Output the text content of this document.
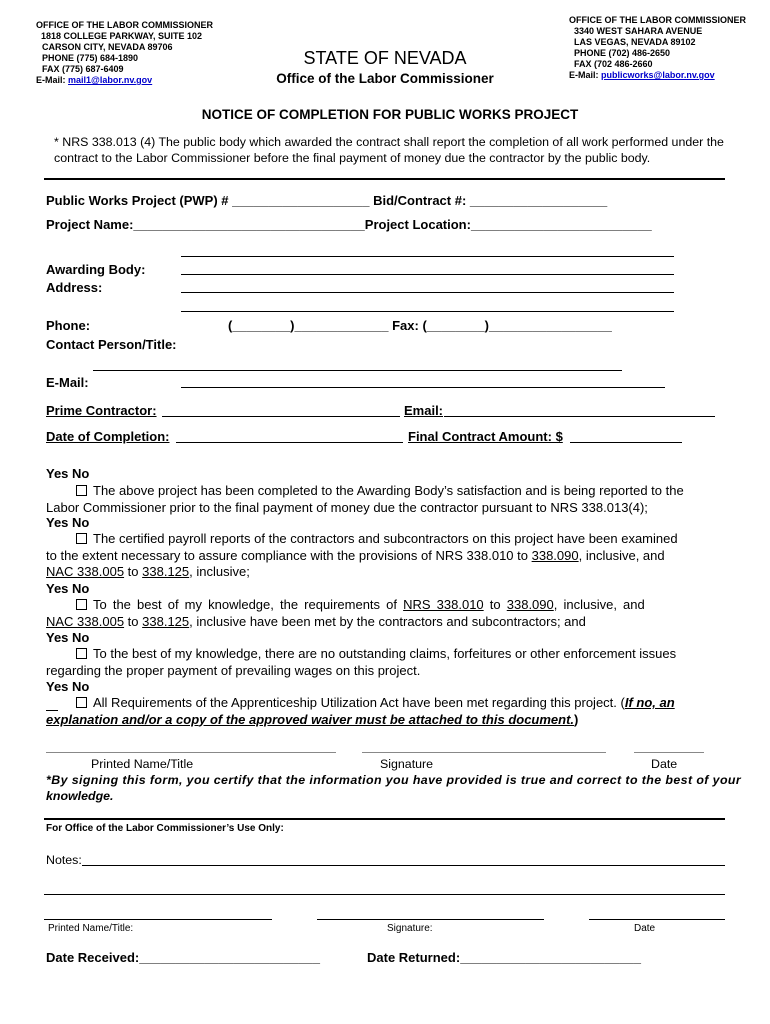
OFFICE OF THE LABOR COMMISSIONER
1818 COLLEGE PARKWAY, SUITE 102
CARSON CITY, NEVADA 89706
PHONE (775) 684-1890
FAX (775) 687-6409
E-Mail: mail1@labor.nv.gov
OFFICE OF THE LABOR COMMISSIONER
3340 WEST SAHARA AVENUE
LAS VEGAS, NEVADA 89102
PHONE (702) 486-2650
FAX (702 486-2660
E-Mail: publicworks@labor.nv.gov
STATE OF NEVADA
Office of the Labor Commissioner
NOTICE OF COMPLETION FOR PUBLIC WORKS PROJECT
* NRS 338.013 (4) The public body which awarded the contract shall report the completion of all work performed under the
contract to the Labor Commissioner before the final payment of money due the contractor by the public body.
Public Works Project (PWP) # ___________________ Bid/Contract #: ___________________
Project Name:________________________________Project Location:_________________________
Awarding Body:
Address:
Phone:	(________)_____________ Fax: (________)_________________
Contact Person/Title:
E-Mail:
Prime Contractor:	Email:
Date of Completion:	Final Contract Amount: $
Yes No
The above project has been completed to the Awarding Body’s satisfaction and is being reported to the
Labor Commissioner prior to the final payment of money due the contractor pursuant to NRS 338.013(4);
Yes No
The certified payroll reports of the contractors and subcontractors on this project have been examined
to the extent necessary to assure compliance with the provisions of NRS 338.010 to 338.090, inclusive, and
NAC 338.005 to 338.125, inclusive;
Yes No
To the best of my knowledge, the requirements of NRS 338.010 to 338.090, inclusive, and
NAC 338.005 to 338.125, inclusive have been met by the contractors and subcontractors; and
Yes No
To the best of my knowledge, there are no outstanding claims, forfeitures or other enforcement issues
regarding the proper payment of prevailing wages on this project.
Yes No
All Requirements of the Apprenticeship Utilization Act have been met regarding this project. (If no, an
explanation and/or a copy of the approved waiver must be attached to this document.)
Printed Name/Title	Signature	Date
*By signing this form, you certify that the information you have provided is true and correct to the best of your
knowledge.
For Office of the Labor Commissioner’s Use Only:
Notes:
Printed Name/Title:	Signature:	Date
Date Received:_________________________	Date Returned:_________________________
